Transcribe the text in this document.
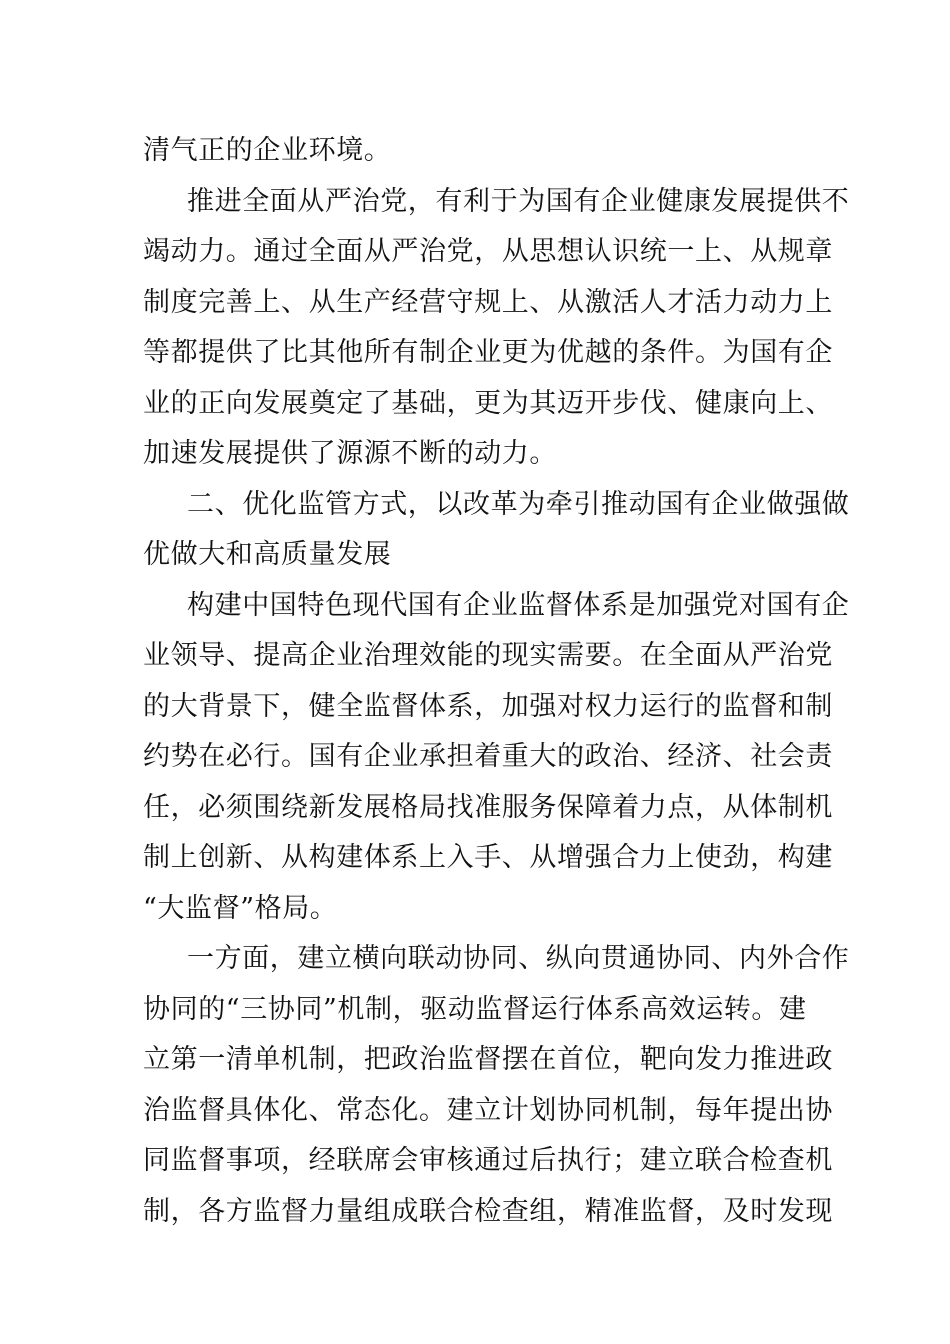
清气正的企业环境。
推进全面从严治党，有利于为国有企业健康发展提供不
竭动力。通过全面从严治党，从思想认识统一上、从规章
制度完善上、从生产经营守规上、从激活人才活力动力上
等都提供了比其他所有制企业更为优越的条件。为国有企
业的正向发展奠定了基础，更为其迈开步伐、健康向上、
加速发展提供了源源不断的动力。
二、优化监管方式，以改革为牵引推动国有企业做强做
优做大和高质量发展
构建中国特色现代国有企业监督体系是加强党对国有企
业领导、提高企业治理效能的现实需要。在全面从严治党
的大背景下，健全监督体系，加强对权力运行的监督和制
约势在必行。国有企业承担着重大的政治、经济、社会责
任，必须围绕新发展格局找准服务保障着力点，从体制机
制上创新、从构建体系上入手、从增强合力上使劲，构建
“大监督”格局。
一方面，建立横向联动协同、纵向贯通协同、内外合作
协同的“三协同”机制，驱动监督运行体系高效运转。建
立第一清单机制，把政治监督摆在首位，靶向发力推进政
治监督具体化、常态化。建立计划协同机制，每年提出协
同监督事项，经联席会审核通过后执行；建立联合检查机
制，各方监督力量组成联合检查组，精准监督，及时发现
